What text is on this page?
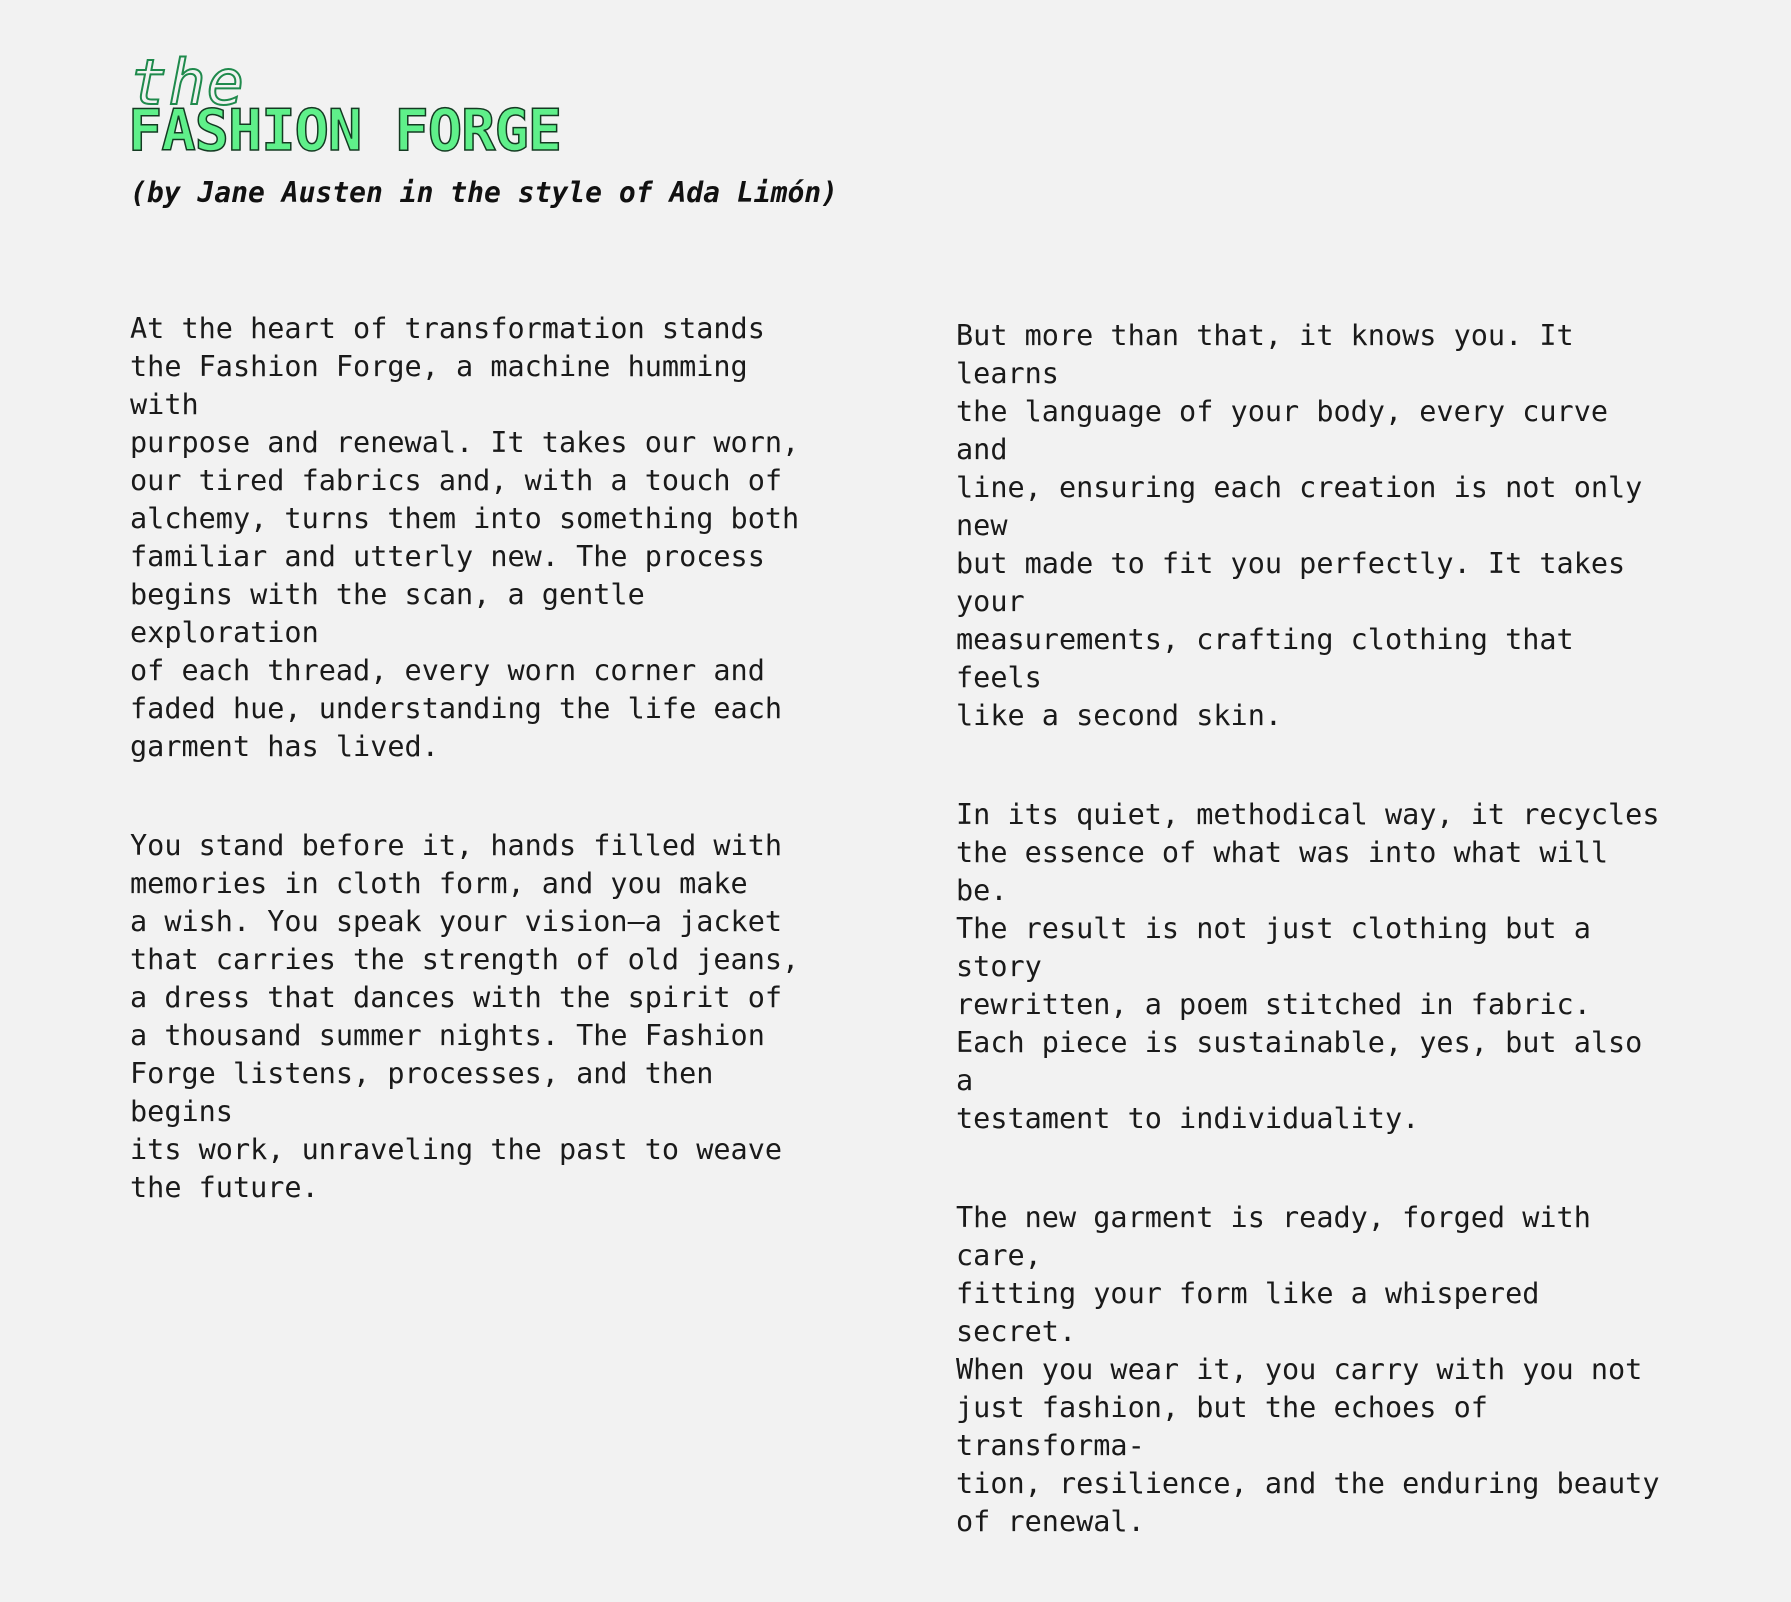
the
FASHION FORGE
(by Jane Austen in the style of Ada Limón)

At the heart of transformation stands
the Fashion Forge, a machine humming with
purpose and renewal. It takes our worn,
our tired fabrics and, with a touch of
alchemy, turns them into something both
familiar and utterly new. The process
begins with the scan, a gentle exploration
of each thread, every worn corner and
faded hue, understanding the life each
garment has lived.

You stand before it, hands filled with
memories in cloth form, and you make
a wish. You speak your vision—a jacket
that carries the strength of old jeans,
a dress that dances with the spirit of
a thousand summer nights. The Fashion
Forge listens, processes, and then begins
its work, unraveling the past to weave
the future.

But more than that, it knows you. It learns
the language of your body, every curve and
line, ensuring each creation is not only new
but made to fit you perfectly. It takes your
measurements, crafting clothing that feels
like a second skin.

In its quiet, methodical way, it recycles
the essence of what was into what will be.
The result is not just clothing but a story
rewritten, a poem stitched in fabric.
Each piece is sustainable, yes, but also a
testament to individuality.

The new garment is ready, forged with care,
fitting your form like a whispered secret.
When you wear it, you carry with you not
just fashion, but the echoes of transforma-
tion, resilience, and the enduring beauty
of renewal.
